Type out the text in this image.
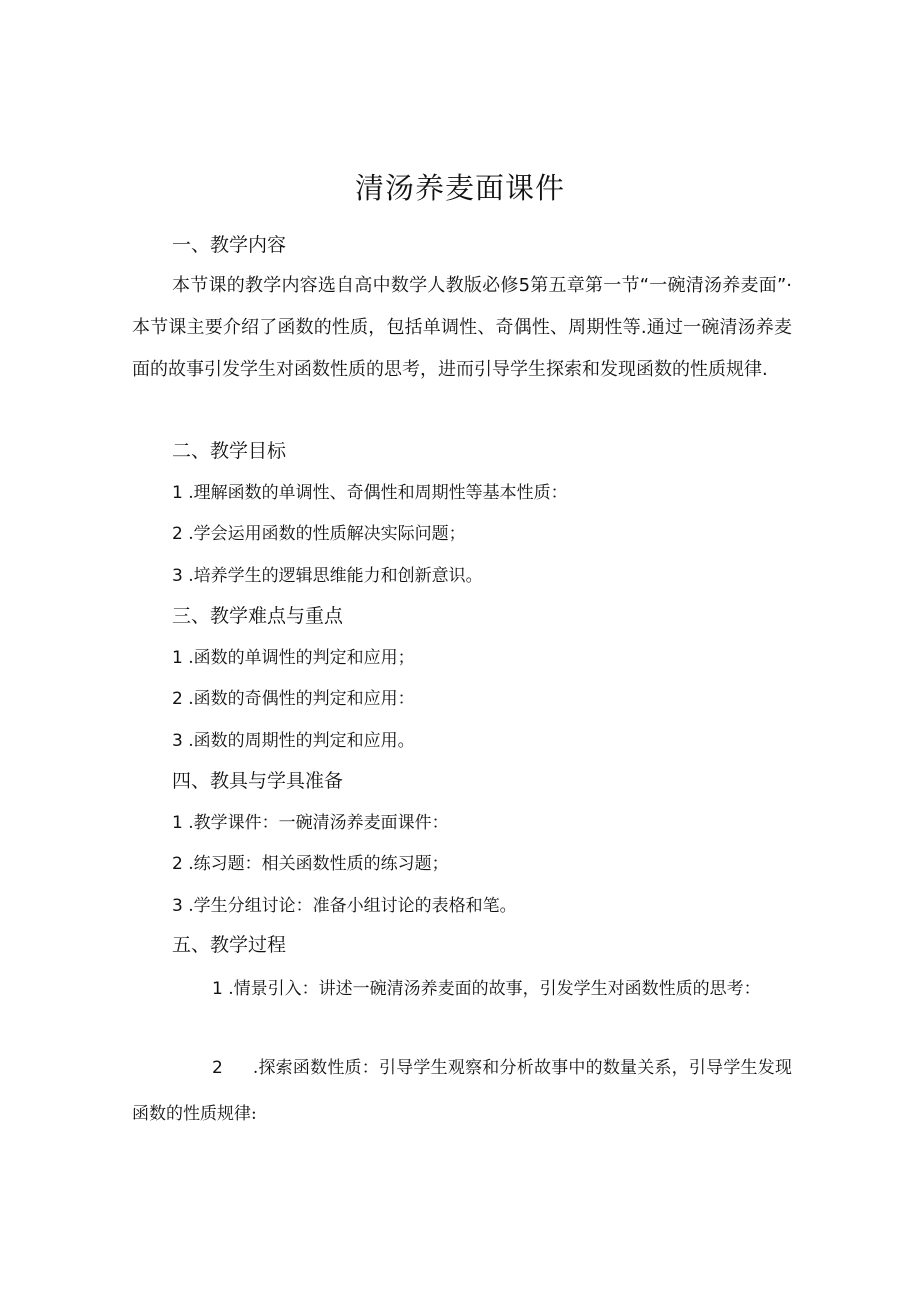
清汤养麦面课件
一、教学内容
本节课的教学内容选自高中数学人教版必修5第五章第一节“一碗清汤养麦面”·本节课主要介绍了函数的性质，包括单调性、奇偶性、周期性等.通过一碗清汤养麦面的故事引发学生对函数性质的思考，进而引导学生探索和发现函数的性质规律.
二、教学目标
1 .理解函数的单调性、奇偶性和周期性等基本性质：
2 .学会运用函数的性质解决实际问题；
3 .培养学生的逻辑思维能力和创新意识。
三、教学难点与重点
1 .函数的单调性的判定和应用；
2 .函数的奇偶性的判定和应用：
3 .函数的周期性的判定和应用。
四、教具与学具准备
1 .教学课件：一碗清汤养麦面课件：
2 .练习题：相关函数性质的练习题；
3 .学生分组讨论：准备小组讨论的表格和笔。
五、教学过程
1 .情景引入：讲述一碗清汤养麦面的故事，引发学生对函数性质的思考：
2 .探索函数性质：引导学生观察和分析故事中的数量关系，引导学生发现函数的性质规律:
